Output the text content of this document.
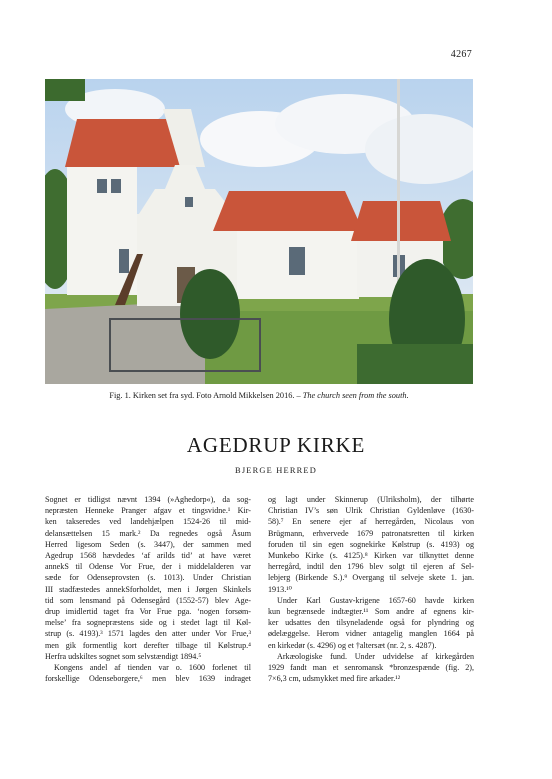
4267
Fig. 1. Kirken set fra syd. Foto Arnold Mikkelsen 2016. – The church seen from the south.
AGEDRUP KIRKE
BJERGE HERRED
Sognet er tidligst nævnt 1394 (»Aghedorp«), da sog-
nepræsten Henneke Pranger afgav et tingsvidne.¹ Kir-
ken takseredes ved landehjælpen 1524-26 til mid-
delansættelsen 15 mark.² Da regnedes også Åsum
Herred ligesom Seden (s. 3447), der sammen med
Agedrup 1568 hævdedes ‘af arilds tid’ at have været
annekS til Odense Vor Frue, der i middelalderen var
sæde for Odenseprovsten (s. 1013). Under Christian
III stadfæstedes annekSforholdet, men i Jørgen Skinkels
tid som lensmand på Odensegård (1552-57) blev Age-
drup imidlertid taget fra Vor Frue pga. ‘nogen forsøm-
melse’ fra sognepræstens side og i stedet lagt til Køl-
strup (s. 4193).³ 1571 lagdes den atter under Vor Frue,³
men gik formentlig kort derefter tilbage til Kølstrup.⁴
Herfra udskiltes sognet som selvstændigt 1894.⁵
Kongens andel af tienden var o. 1600 forlenet til
forskellige Odenseborgere,⁶ men blev 1639 indraget
og lagt under Skinnerup (Ulriksholm), der tilhørte
Christian IV’s søn Ulrik Christian Gyldenløve (1630-
58).⁷ En senere ejer af herregården, Nicolaus von
Brügmann, erhvervede 1679 patronatsretten til kirken
foruden til sin egen sognekirke Kølstrup (s. 4193) og
Munkebo Kirke (s. 4125).⁸ Kirken var tilknyttet denne
herregård, indtil den 1796 blev solgt til ejeren af Sel-
lebjerg (Birkende S.).⁹ Overgang til selveje skete 1. jan.
1913.¹⁰
Under Karl Gustav-krigene 1657-60 havde kirken
kun begrænsede indtægter.¹¹ Som andre af egnens kir-
ker udsattes den tilsyneladende også for plyndring og
ødelæggelse. Herom vidner antagelig manglen 1664 på
en kirkedør (s. 4296) og et †altersæt (nr. 2, s. 4287).
Arkæologiske fund. Under udvidelse af kirkegården
1929 fandt man et senromansk *bronzespænde (fig. 2),
7×6,3 cm, udsmykket med fire arkader.¹²
